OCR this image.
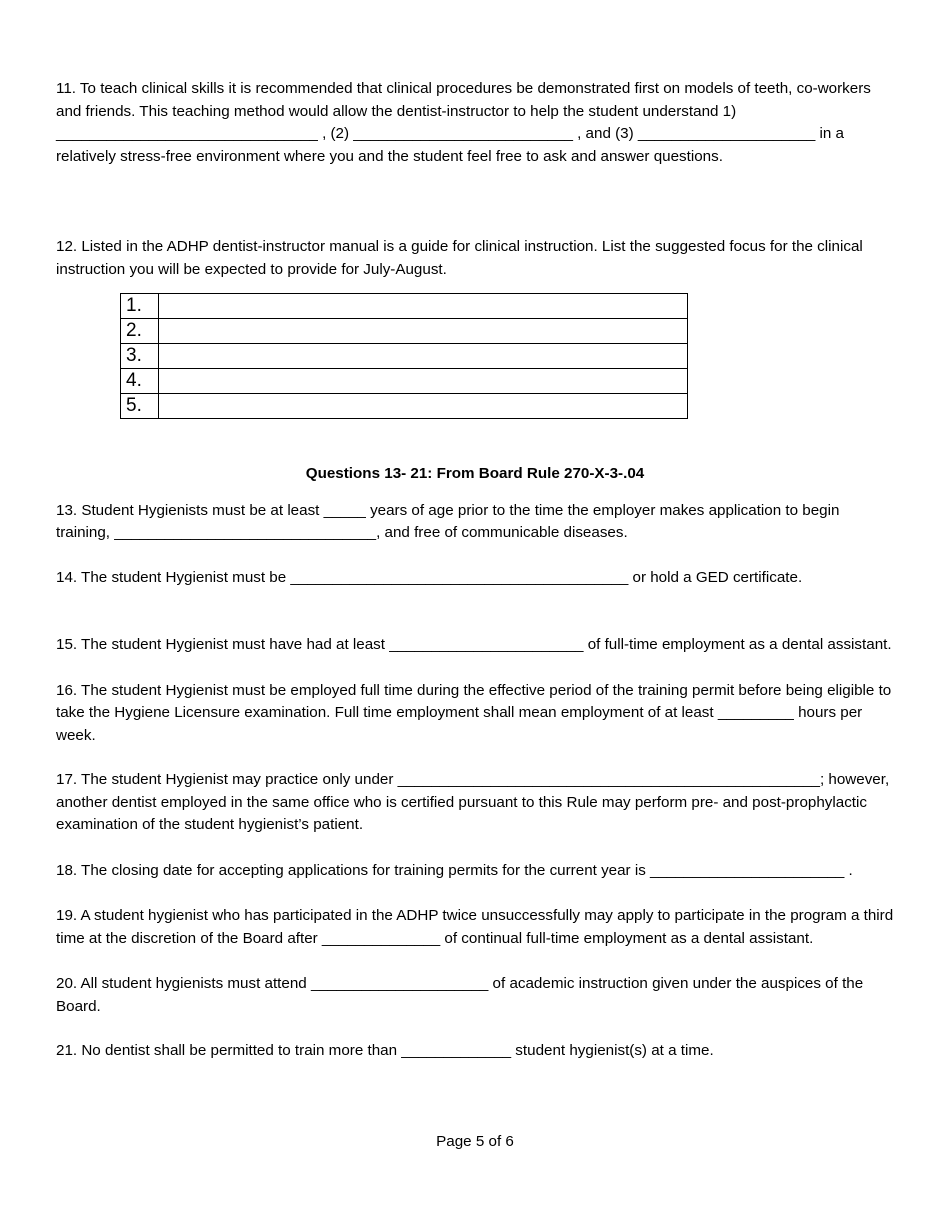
11. To teach clinical skills it is recommended that clinical procedures be demonstrated first on models of teeth, co-workers and friends. This teaching method would allow the dentist-instructor to help the student understand 1) _______________________________ , (2) __________________________ , and (3) _____________________ in a relatively stress-free environment where you and the student feel free to ask and answer questions.

12. Listed in the ADHP dentist-instructor manual is a guide for clinical instruction. List the suggested focus for the clinical instruction you will be expected to provide for July-August.

1.	
2.	
3.	
4.	
5.	

Questions 13- 21: From Board Rule 270-X-3-.04

13. Student Hygienists must be at least _____ years of age prior to the time the employer makes application to begin training, _______________________________, and free of communicable diseases.

14. The student Hygienist must be ________________________________________ or hold a GED certificate.

15. The student Hygienist must have had at least _______________________ of full-time employment as a dental assistant.

16. The student Hygienist must be employed full time during the effective period of the training permit before being eligible to take the Hygiene Licensure examination. Full time employment shall mean employment of at least _________ hours per week.

17. The student Hygienist may practice only under __________________________________________________; however, another dentist employed in the same office who is certified pursuant to this Rule may perform pre- and post-prophylactic examination of the student hygienist’s patient.

18. The closing date for accepting applications for training permits for the current year is _______________________ .

19. A student hygienist who has participated in the ADHP twice unsuccessfully may apply to participate in the program a third time at the discretion of the Board after ______________ of continual full-time employment as a dental assistant.

20. All student hygienists must attend _____________________ of academic instruction given under the auspices of the Board.

21. No dentist shall be permitted to train more than _____________ student hygienist(s) at a time.

Page 5 of 6
